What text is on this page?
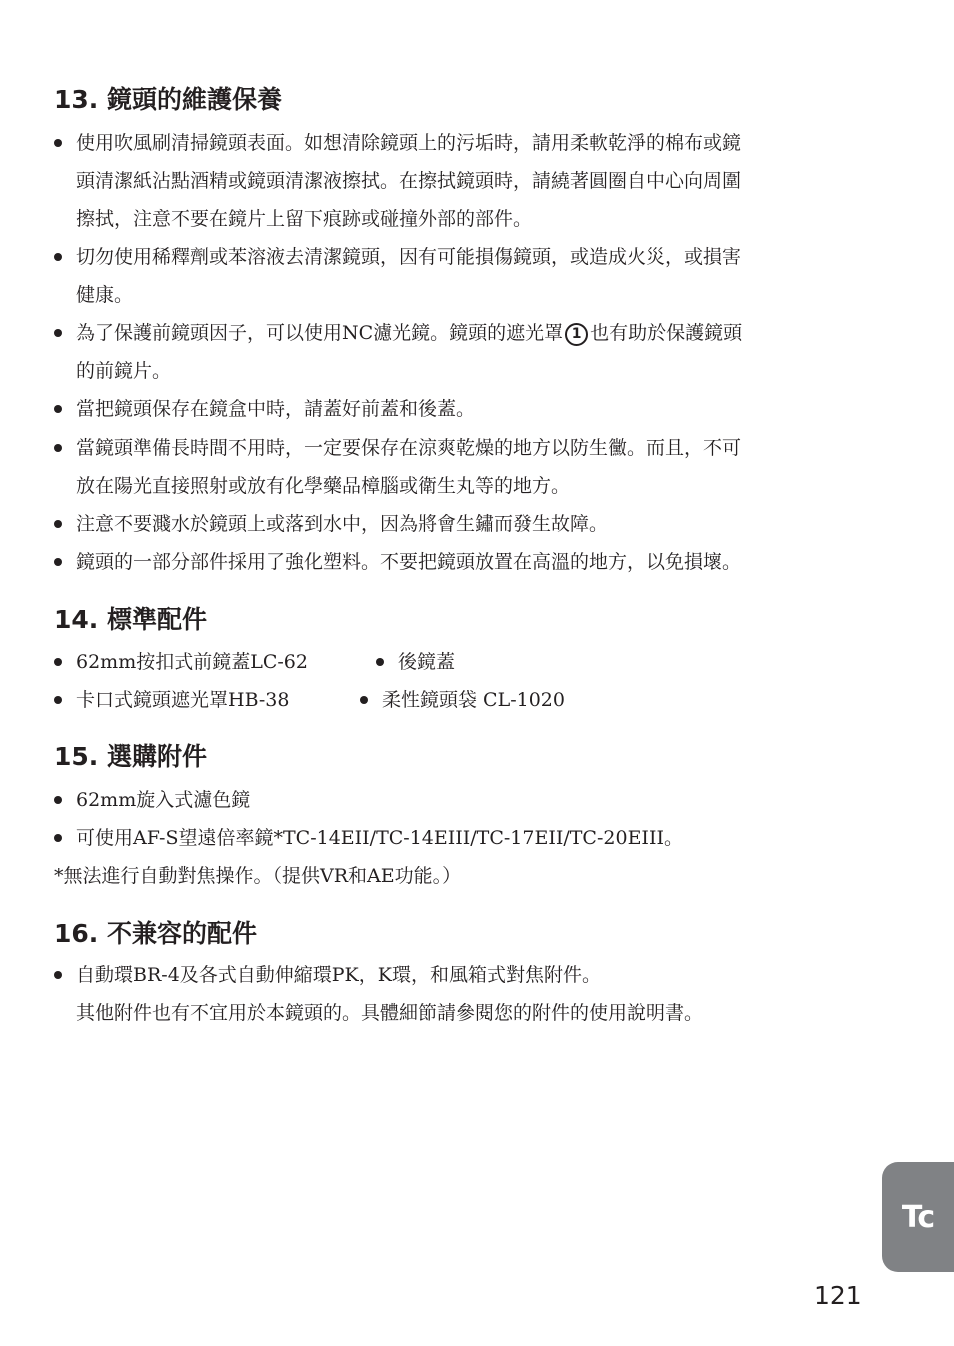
13. 鏡頭的維護保養
使用吹風刷清掃鏡頭表面。如想清除鏡頭上的污垢時，請用柔軟乾淨的棉布或鏡
頭清潔紙沾點酒精或鏡頭清潔液擦拭。在擦拭鏡頭時，請繞著圓圈自中心向周圍
擦拭，注意不要在鏡片上留下痕跡或碰撞外部的部件。
切勿使用稀釋劑或苯溶液去清潔鏡頭，因有可能損傷鏡頭，或造成火災，或損害
健康。
為了保護前鏡頭因子，可以使用NC濾光鏡。鏡頭的遮光罩 1 也有助於保護鏡頭
的前鏡片。
當把鏡頭保存在鏡盒中時，請蓋好前蓋和後蓋。
當鏡頭準備長時間不用時，一定要保存在涼爽乾燥的地方以防生黴。而且，不可
放在陽光直接照射或放有化學藥品樟腦或衛生丸等的地方。
注意不要濺水於鏡頭上或落到水中，因為將會生鏽而發生故障。
鏡頭的一部分部件採用了強化塑料。不要把鏡頭放置在高溫的地方，以免損壞。
14. 標準配件
62mm按扣式前鏡蓋LC-62	後鏡蓋
卡口式鏡頭遮光罩HB-38	柔性鏡頭袋 CL-1020
15. 選購附件
62mm旋入式濾色鏡
可使用AF-S望遠倍率鏡*TC-14EII/TC-14EIII/TC-17EII/TC-20EIII。
*無法進行自動對焦操作。（提供VR和AE功能。）
16. 不兼容的配件
自動環BR-4及各式自動伸縮環PK，K環，和風箱式對焦附件。
其他附件也有不宜用於本鏡頭的。具體細節請參閱您的附件的使用說明書。
Tc
121
